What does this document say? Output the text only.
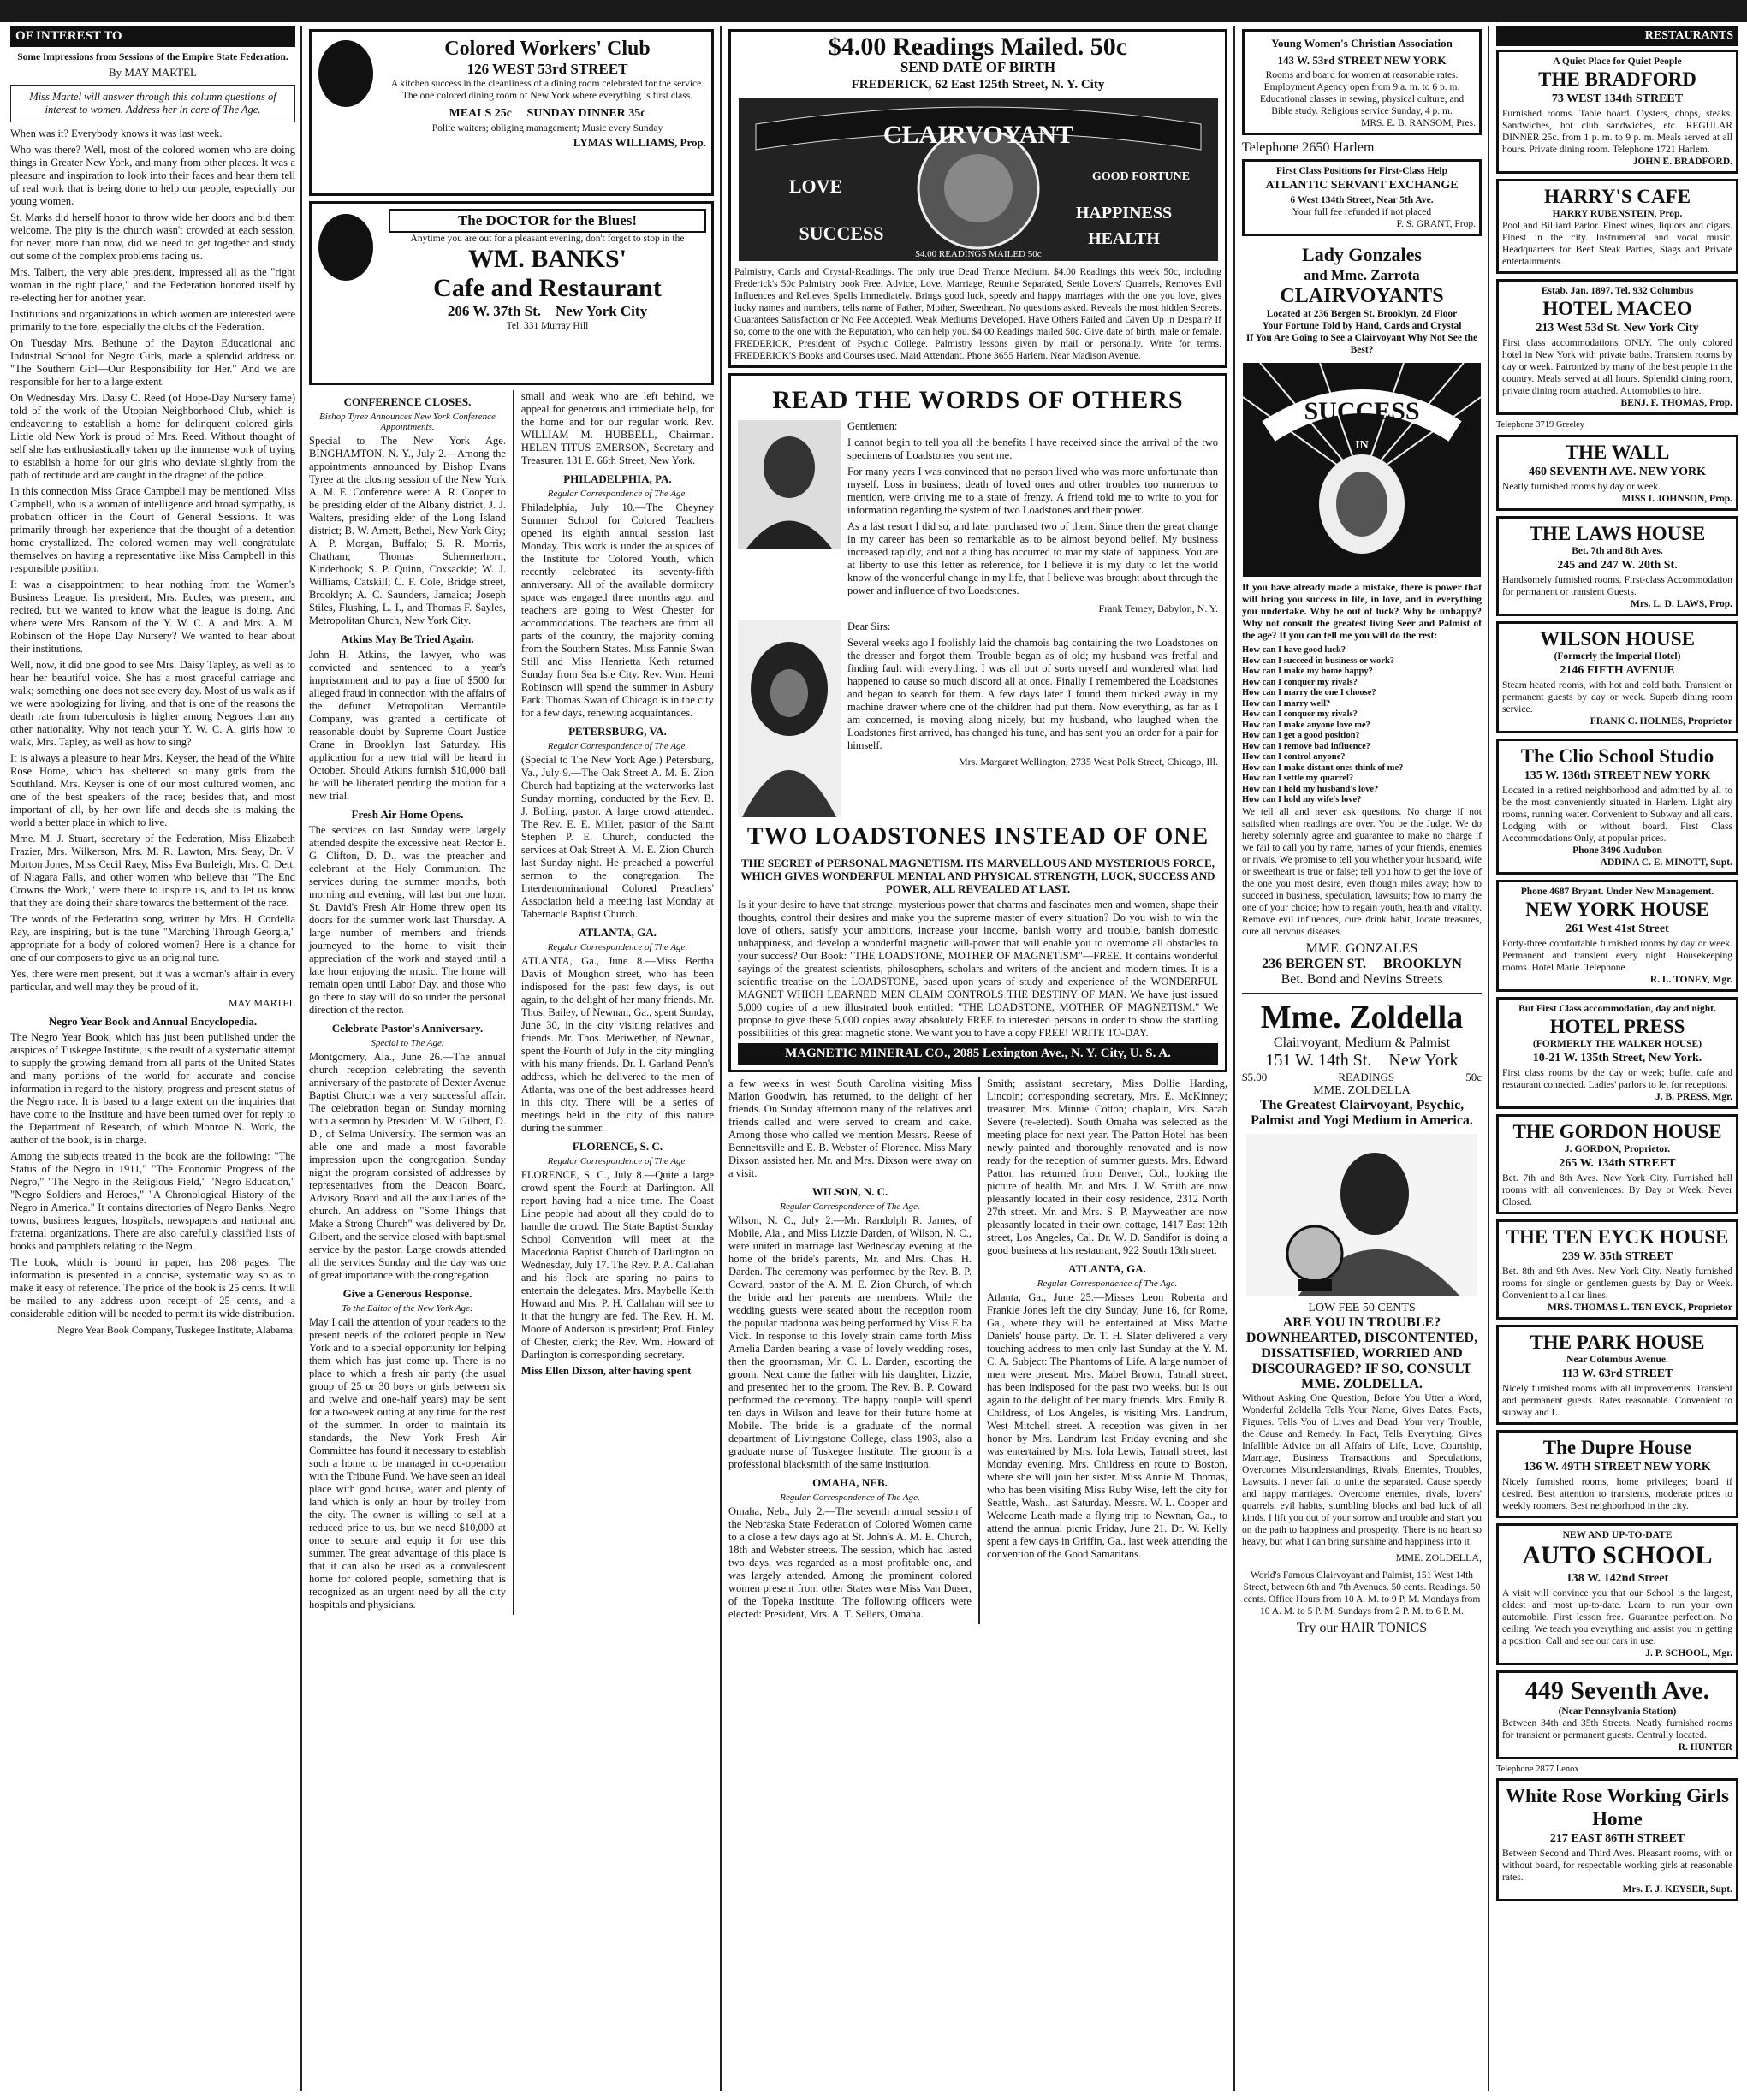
OF INTEREST TO
Some Impressions from Sessions of the Empire State Federation.
By MAY MARTEL
Miss Martel will answer through this column questions of interest to women. Address her in care of The Age.

When was it? Everybody knows it was last week.

Who was there? Well, most of the colored women who are doing things in Greater New York, and many from other places. It was a pleasure and inspiration to look into their faces and hear them tell of real work that is being done to help our people, especially our young women.

St. Marks did herself honor to throw wide her doors and bid them welcome. The pity is the church wasn't crowded at each session, for never, more than now, did we need to get together and study out some of the complex problems facing us.

Mrs. Talbert, the very able president, impressed all as the "right woman in the right place," and the Federation honored itself by re-electing her for another year.

Institutions and organizations in which women are interested were primarily to the fore, especially the clubs of the Federation.

On Tuesday Mrs. Bethune of the Dayton Educational and Industrial School for Negro Girls, made a splendid address on "The Southern Girl—Our Responsibility for Her." And we are responsible for her to a large extent.

On Wednesday Mrs. Daisy C. Reed (of Hope-Day Nursery fame) told of the work of the Utopian Neighborhood Club, which is endeavoring to establish a home for delinquent colored girls. Little old New York is proud of Mrs. Reed. Without thought of self she has enthusiastically taken up the immense work of trying to establish a home for our girls who deviate slightly from the path of rectitude and are caught in the dragnet of the police.

In this connection Miss Grace Campbell may be mentioned. Miss Campbell, who is a woman of intelligence and broad sympathy, is probation officer in the Court of General Sessions. It was primarily through her experience that the thought of a detention home crystallized. The colored women may well congratulate themselves on having a representative like Miss Campbell in this responsible position.

It was a disappointment to hear nothing from the Women's Business League. Its president, Mrs. Eccles, was present, and recited, but we wanted to know what the league is doing. And where were Mrs. Ransom of the Y. W. C. A. and Mrs. A. M. Robinson of the Hope Day Nursery? We wanted to hear about their institutions.

Well, now, it did one good to see Mrs. Daisy Tapley, as well as to hear her beautiful voice. She has a most graceful carriage and walk; something one does not see every day. Most of us walk as if we were apologizing for living, and that is one of the reasons the death rate from tuberculosis is higher among Negroes than any other nationality. Why not teach your Y. W. C. A. girls how to walk, Mrs. Tapley, as well as how to sing?

It is always a pleasure to hear Mrs. Keyser, the head of the White Rose Home, which has sheltered so many girls from the Southland. Mrs. Keyser is one of our most cultured women, and one of the best speakers of the race; besides that, and most important of all, by her own life and deeds she is making the world a better place in which to live.

Mme. M. J. Stuart, secretary of the Federation, Miss Elizabeth Frazier, Mrs. Wilkerson, Mrs. M. R. Lawton, Mrs. Seay, Dr. V. Morton Jones, Miss Cecil Raey, Miss Eva Burleigh, Mrs. C. Dett, of Niagara Falls, and other women who believe that "The End Crowns the Work," were there to inspire us, and to let us know that they are doing their share towards the betterment of the race.

The words of the Federation song, written by Mrs. H. Cordelia Ray, are inspiring, but is the tune "Marching Through Georgia," appropriate for a body of colored women? Here is a chance for one of our composers to give us an original tune.

Yes, there were men present, but it was a woman's affair in every particular, and well may they be proud of it.

MAY MARTEL
Negro Year Book and Annual Encyclopedia.

The Negro Year Book, which has just been published under the auspices of Tuskegee Institute, is the result of a systematic attempt to supply the growing demand from all parts of the United States and many portions of the world for accurate and concise information in regard to the history, progress and present status of the Negro race. It is based to a large extent on the inquiries that have come to the Institute and have been turned over for reply to the Department of Research, of which Monroe N. Work, the author of the book, is in charge.

Among the subjects treated in the book are the following: "The Status of the Negro in 1911," "The Economic Progress of the Negro," "The Negro in the Religious Field," "Negro Education," "Negro Soldiers and Heroes," "A Chronological History of the Negro in America." It contains directories of Negro Banks, Negro towns, business leagues, hospitals, newspapers and national and fraternal organizations. There are also carefully classified lists of books and pamphlets relating to the Negro.

The book, which is bound in paper, has 208 pages. The information is presented in a concise, systematic way so as to make it easy of reference. The price of the book is 25 cents. It will be mailed to any address upon receipt of 25 cents, and a considerable edition will be needed to permit its wide distribution.

Negro Year Book Company, Tuskegee Institute, Alabama.
Colored Workers' Club
126 WEST 53rd STREET
A kitchen success in the cleanliness of a dining room celebrated for the service. The one colored dining room of New York where everything is first class.
MEALS 25c SUNDAY DINNER 35c
Polite waiters; obliging management; Music every Sunday
LYMAS WILLIAMS, Prop.
The DOCTOR for the Blues!
Anytime you are out for a pleasant evening, don't forget to stop in the
WM. BANKS'
Cafe and Restaurant
206 W. 37th St. New York City
Tel. 331 Murray Hill
CONFERENCE CLOSES.
Bishop Tyree Announces New York Conference Appointments.

Special to The New York Age. BINGHAMTON, N. Y., July 2.—Among the appointments announced by Bishop Evans Tyree at the closing session of the New York A. M. E. Conference were: A. R. Cooper to be presiding elder of the Albany district, J. J. Walters, presiding elder of the Long Island district; B. W. Arnett, Bethel, New York City; A. P. Morgan, Buffalo; S. R. Morris, Chatham; Thomas Schermerhorn, Kinderhook; S. P. Quinn, Coxsackie; W. J. Williams, Catskill; C. F. Cole, Bridge street, Brooklyn; A. C. Saunders, Jamaica; Joseph Stiles, Flushing, L. I., and Thomas F. Sayles, Metropolitan Church, New York City.

Atkins May Be Tried Again.

John H. Atkins, the lawyer, who was convicted and sentenced to a year's imprisonment and to pay a fine of $500 for alleged fraud in connection with the affairs of the defunct Metropolitan Mercantile Company, was granted a certificate of reasonable doubt by Supreme Court Justice Crane in Brooklyn last Saturday. His application for a new trial will be heard in October. Should Atkins furnish $10,000 bail he will be liberated pending the motion for a new trial.

Fresh Air Home Opens.

The services on last Sunday were largely attended despite the excessive heat. Rector E. G. Clifton, D. D., was the preacher and celebrant at the Holy Communion. The services during the summer months, both morning and evening, will last but one hour. St. David's Fresh Air Home threw open its doors for the summer work last Thursday. A large number of members and friends journeyed to the home to visit their appreciation of the work and stayed until a late hour enjoying the music. The home will remain open until Labor Day, and those who go there to stay will do so under the personal direction of the rector.

Celebrate Pastor's Anniversary.
Special to The Age.

Montgomery, Ala., June 26.—The annual church reception celebrating the seventh anniversary of the pastorate of Dexter Avenue Baptist Church was a very successful affair. The celebration began on Sunday morning with a sermon by President M. W. Gilbert, D. D., of Selma University. The sermon was an able one and made a most favorable impression upon the congregation. Sunday night the program consisted of addresses by representatives from the Deacon Board, Advisory Board and all the auxiliaries of the church. An address on "Some Things that Make a Strong Church" was delivered by Dr. Gilbert, and the service closed with baptismal service by the pastor. Large crowds attended all the services Sunday and the day was one of great importance with the congregation.

Give a Generous Response.
To the Editor of the New York Age:

May I call the attention of your readers to the present needs of the colored people in New York and to a special opportunity for helping them which has just come up. There is no place to which a fresh air party (the usual group of 25 or 30 boys or girls between six and twelve and one-half years) may be sent for a two-week outing at any time for the rest of the summer. In order to maintain its standards, the New York Fresh Air Committee has found it necessary to establish such a home to be managed in co-operation with the Tribune Fund. We have seen an ideal place with good house, water and plenty of land which is only an hour by trolley from the city. The owner is willing to sell at a reduced price to us, but we need $10,000 at once to secure and equip it for use this summer. The great advantage of this place is that it can also be used as a convalescent home for colored people, something that is recognized as an urgent need by all the city hospitals and physicians.

small and weak who are left behind, we appeal for generous and immediate help, for the home and for our regular work. Rev. WILLIAM M. HUBBELL, Chairman. HELEN TITUS EMERSON, Secretary and Treasurer. 131 E. 66th Street, New York.

PHILADELPHIA, PA.
Regular Correspondence of The Age.

Philadelphia, July 10.—The Cheyney Summer School for Colored Teachers opened its eighth annual session last Monday. This work is under the auspices of the Institute for Colored Youth, which recently celebrated its seventy-fifth anniversary. All of the available dormitory space was engaged three months ago, and teachers are going to West Chester for accommodations. The teachers are from all parts of the country, the majority coming from the Southern States. Miss Fannie Swan Still and Miss Henrietta Keth returned Sunday from Sea Isle City. Rev. Wm. Henri Robinson will spend the summer in Asbury Park. Thomas Swan of Chicago is in the city for a few days, renewing acquaintances.

PETERSBURG, VA.
Regular Correspondence of The Age.

(Special to The New York Age.) Petersburg, Va., July 9.—The Oak Street A. M. E. Zion Church had baptizing at the waterworks last Sunday morning, conducted by the Rev. B. J. Bolling, pastor. A large crowd attended. The Rev. E. E. Miller, pastor of the Saint Stephen P. E. Church, conducted the services at Oak Street A. M. E. Zion Church last Sunday night. He preached a powerful sermon to the congregation. The Interdenominational Colored Preachers' Association held a meeting last Monday at Tabernacle Baptist Church.

ATLANTA, GA.
Regular Correspondence of The Age.

ATLANTA, Ga., June 8.—Miss Bertha Davis of Moughon street, who has been indisposed for the past few days, is out again, to the delight of her many friends. Mr. Thos. Bailey, of Newnan, Ga., spent Sunday, June 30, in the city visiting relatives and friends. Mr. Thos. Meriwether, of Newnan, spent the Fourth of July in the city mingling with his many friends. Dr. I. Garland Penn's address, which he delivered to the men of Atlanta, was one of the best addresses heard in this city. There will be a series of meetings held in the city of this nature during the summer.

FLORENCE, S. C.
Regular Correspondence of The Age.

FLORENCE, S. C., July 8.—Quite a large crowd spent the Fourth at Darlington. All report having had a nice time. The Coast Line people had about all they could do to handle the crowd. The State Baptist Sunday School Convention will meet at the Macedonia Baptist Church of Darlington on Wednesday, July 17. The Rev. P. A. Callahan and his flock are sparing no pains to entertain the delegates. Mrs. Maybelle Keith Howard and Mrs. P. H. Callahan will see to it that the hungry are fed. The Rev. H. M. Moore of Anderson is president; Prof. Finley of Chester, clerk; the Rev. Wm. Howard of Darlington is corresponding secretary.

Miss Ellen Dixson, after having spent

$4.00 Readings Mailed. 50c
SEND DATE OF BIRTH
FREDERICK, 62 East 125th Street, N. Y. City
CLAIRVOYANT
LOVE	GOOD FORTUNE
SUCCESS
HAPPINESS
HEALTH
$4.00 READINGS MAILED 50c
Palmistry, Cards and Crystal-Readings. The only true Dead Trance Medium. $4.00 Readings this week 50c, including Frederick's 50c Palmistry book Free. Advice, Love, Marriage, Reunite Separated, Settle Lovers' Quarrels, Removes Evil Influences and Relieves Spells Immediately. Brings good luck, speedy and happy marriages with the one you love, gives lucky names and numbers, tells name of Father, Mother, Sweetheart. No questions asked. Reveals the most hidden Secrets. Guarantees Satisfaction or No Fee Accepted. Weak Mediums Developed. Have Others Failed and Given Up in Despair? If so, come to the one with the Reputation, who can help you. $4.00 Readings mailed 50c. Give date of birth, male or female. FREDERICK, President of Psychic College. Palmistry lessons given by mail or personally. Write for terms. FREDERICK'S Books and Courses used. Maid Attendant. Phone 3655 Harlem. Near Madison Avenue.
READ THE WORDS OF OTHERS

Gentlemen:

I cannot begin to tell you all the benefits I have received since the arrival of the two specimens of Loadstones you sent me.

For many years I was convinced that no person lived who was more unfortunate than myself. Loss in business; death of loved ones and other troubles too numerous to mention, were driving me to a state of frenzy. A friend told me to write to you for information regarding the system of two Loadstones and their power.

As a last resort I did so, and later purchased two of them. Since then the great change in my career has been so remarkable as to be almost beyond belief. My business increased rapidly, and not a thing has occurred to mar my state of happiness. You are at liberty to use this letter as reference, for I believe it is my duty to let the world know of the wonderful change in my life, that I believe was brought about through the power and influence of two Loadstones.

Frank Temey, Babylon, N. Y.

Dear Sirs:

Several weeks ago I foolishly laid the chamois bag containing the two Loadstones on the dresser and forgot them. Trouble began as of old; my husband was fretful and finding fault with everything. I was all out of sorts myself and wondered what had happened to cause so much discord all at once. Finally I remembered the Loadstones and began to search for them. A few days later I found them tucked away in my machine drawer where one of the children had put them. Now everything, as far as I am concerned, is moving along nicely, but my husband, who laughed when the Loadstones first arrived, has changed his tune, and has sent you an order for a pair for himself.

Mrs. Margaret Wellington, 2735 West Polk Street, Chicago, Ill.
TWO LOADSTONES INSTEAD OF ONE

THE SECRET of PERSONAL MAGNETISM. ITS MARVELLOUS AND MYSTERIOUS FORCE, WHICH GIVES WONDERFUL MENTAL AND PHYSICAL STRENGTH, LUCK, SUCCESS AND POWER, ALL REVEALED AT LAST.

Is it your desire to have that strange, mysterious power that charms and fascinates men and women, shape their thoughts, control their desires and make you the supreme master of every situation? Do you wish to win the love of others, satisfy your ambitions, increase your income, banish worry and trouble, banish domestic unhappiness, and develop a wonderful magnetic will-power that will enable you to overcome all obstacles to your success? Our Book: "THE LOADSTONE, MOTHER OF MAGNETISM"—FREE. It contains wonderful sayings of the greatest scientists, philosophers, scholars and writers of the ancient and modern times. It is a scientific treatise on the LOADSTONE, based upon years of study and experience of the WONDERFUL MAGNET WHICH LEARNED MEN CLAIM CONTROLS THE DESTINY OF MAN. We have just issued 5,000 copies of a new illustrated book entitled: "THE LOADSTONE, MOTHER OF MAGNETISM." We propose to give these 5,000 copies away absolutely FREE to interested persons in order to show the startling possibilities of this great magnetic stone. We want you to have a copy FREE! WRITE TO-DAY.

MAGNETIC MINERAL CO., 2085 Lexington Ave., N. Y. City, U. S. A.

a few weeks in west South Carolina visiting Miss Marion Goodwin, has returned, to the delight of her friends. On Sunday afternoon many of the relatives and friends called and were served to cream and cake. Among those who called we mention Messrs. Reese of Bennettsville and E. B. Webster of Florence. Miss Mary Dixson assisted her. Mr. and Mrs. Dixson were away on a visit.

WILSON, N. C.
Regular Correspondence of The Age.

Wilson, N. C., July 2.—Mr. Randolph R. James, of Mobile, Ala., and Miss Lizzie Darden, of Wilson, N. C., were united in marriage last Wednesday evening at the home of the bride's parents, Mr. and Mrs. Chas. H. Darden. The ceremony was performed by the Rev. B. P. Coward, pastor of the A. M. E. Zion Church, of which the bride and her parents are members. While the wedding guests were seated about the reception room the popular madonna was being performed by Miss Elba Vick. In response to this lovely strain came forth Miss Amelia Darden bearing a vase of lovely wedding roses, then the groomsman, Mr. C. L. Darden, escorting the groom. Next came the father with his daughter, Lizzie, and presented her to the groom. The Rev. B. P. Coward performed the ceremony. The happy couple will spend ten days in Wilson and leave for their future home at Mobile. The bride is a graduate of the normal department of Livingstone College, class 1903, also a graduate nurse of Tuskegee Institute. The groom is a professional blacksmith of the same institution.

OMAHA, NEB.
Regular Correspondence of The Age.

Omaha, Neb., July 2.—The seventh annual session of the Nebraska State Federation of Colored Women came to a close a few days ago at St. John's A. M. E. Church, 18th and Webster streets. The session, which had lasted two days, was regarded as a most profitable one, and was largely attended. Among the prominent colored women present from other States were Miss Van Duser, of the Topeka institute. The following officers were elected: President, Mrs. A. T. Sellers, Omaha.

Smith; assistant secretary, Miss Dollie Harding, Lincoln; corresponding secretary, Mrs. E. McKinney; treasurer, Mrs. Minnie Cotton; chaplain, Mrs. Sarah Severe (re-elected). South Omaha was selected as the meeting place for next year. The Patton Hotel has been newly painted and thoroughly renovated and is now ready for the reception of summer guests. Mrs. Edward Patton has returned from Denver, Col., looking the picture of health. Mr. and Mrs. J. W. Smith are now pleasantly located in their cosy residence, 2312 North 27th street. Mr. and Mrs. S. P. Mayweather are now pleasantly located in their own cottage, 1417 East 12th street, Los Angeles, Cal. Dr. W. D. Sandifor is doing a good business at his restaurant, 922 South 13th street.

ATLANTA, GA.
Regular Correspondence of The Age.

Atlanta, Ga., June 25.—Misses Leon Roberta and Frankie Jones left the city Sunday, June 16, for Rome, Ga., where they will be entertained at Miss Mattie Daniels' house party. Dr. T. H. Slater delivered a very touching address to men only last Sunday at the Y. M. C. A. Subject: The Phantoms of Life. A large number of men were present. Mrs. Mabel Brown, Tatnall street, has been indisposed for the past two weeks, but is out again to the delight of her many friends. Mrs. Emily B. Childress, of Los Angeles, is visiting Mrs. Landrum, West Mitchell street. A reception was given in her honor by Mrs. Landrum last Friday evening and she was entertained by Mrs. Iola Lewis, Tatnall street, last Monday evening. Mrs. Childress en route to Boston, where she will join her sister. Miss Annie M. Thomas, who has been visiting Miss Ruby Wise, left the city for Seattle, Wash., last Saturday. Messrs. W. L. Cooper and Welcome Leath made a flying trip to Newnan, Ga., to attend the annual picnic Friday, June 21. Dr. W. Kelly spent a few days in Griffin, Ga., last week attending the convention of the Good Samaritans.

Young Women's Christian Association
143 W. 53rd STREET NEW YORK
Rooms and board for women at reasonable rates. Employment Agency open from 9 a. m. to 6 p. m. Educational classes in sewing, physical culture, and Bible study. Religious service Sunday, 4 p. m.
MRS. E. B. RANSOM, Pres.
Telephone 2650 Harlem
First Class Positions for First-Class Help
ATLANTIC SERVANT EXCHANGE
6 West 134th Street, Near 5th Ave.
Your full fee refunded if not placed
F. S. GRANT, Prop.
Lady Gonzales
and Mme. Zarrota
CLAIRVOYANTS
Located at 236 Bergen St. Brooklyn, 2d Floor
Your Fortune Told by Hand, Cards and Crystal
If You Are Going to See a Clairvoyant Why Not See the Best?
SUCCESS
IN

If you have already made a mistake, there is power that will bring you success in life, in love, and in everything you undertake. Why be out of luck? Why be unhappy? Why not consult the greatest living Seer and Palmist of the age? If you can tell me you will do the rest:

How can I have good luck?

How can I succeed in business or work?

How can I make my home happy?

How can I conquer my rivals?

How can I marry the one I choose?

How can I marry well?

How can I conquer my rivals?

How can I make anyone love me?

How can I get a good position?

How can I remove bad influence?

How can I control anyone?

How can I make distant ones think of me?

How can I settle my quarrel?

How can I hold my husband's love?

How can I hold my wife's love?

We tell all and never ask questions. No charge if not satisfied when readings are over. You be the Judge. We do hereby solemnly agree and guarantee to make no charge if we fail to call you by name, names of your friends, enemies or rivals. We promise to tell you whether your husband, wife or sweetheart is true or false; tell you how to get the love of the one you most desire, even though miles away; how to succeed in business, speculation, lawsuits; how to marry the one of your choice; how to regain youth, health and vitality. Remove evil influences, cure drink habit, locate treasures, cure all nervous diseases.

MME. GONZALES
236 BERGEN ST. BROOKLYN
Bet. Bond and Nevins Streets
Mme. Zoldella
Clairvoyant, Medium & Palmist
151 W. 14th St. New York
$5.00	READINGS	50c
MME. ZOLDELLA
The Greatest Clairvoyant, Psychic, Palmist and Yogi Medium in America.
LOW FEE 50 CENTS
ARE YOU IN TROUBLE? DOWNHEARTED, DISCONTENTED, DISSATISFIED, WORRIED AND DISCOURAGED? IF SO, CONSULT MME. ZOLDELLA.

Without Asking One Question, Before You Utter a Word, Wonderful Zoldella Tells Your Name, Gives Dates, Facts, Figures. Tells You of Lives and Dead. Your very Trouble, the Cause and Remedy. In Fact, Tells Everything. Gives Infallible Advice on all Affairs of Life, Love, Courtship, Marriage, Business Transactions and Speculations, Overcomes Misunderstandings, Rivals, Enemies, Troubles, Lawsuits. I never fail to unite the separated. Cause speedy and happy marriages. Overcome enemies, rivals, lovers' quarrels, evil habits, stumbling blocks and bad luck of all kinds. I lift you out of your sorrow and trouble and start you on the path to happiness and prosperity. There is no heart so heavy, but what I can bring sunshine and happiness into it.

MME. ZOLDELLA,

World's Famous Clairvoyant and Palmist, 151 West 14th Street, between 6th and 7th Avenues. 50 cents. Readings. 50 cents. Office Hours from 10 A. M. to 9 P. M. Mondays from 10 A. M. to 5 P. M. Sundays from 2 P. M. to 6 P. M.

Try our HAIR TONICS
RESTAURANTS
A Quiet Place for Quiet People
THE BRADFORD
73 WEST 134th STREET
Furnished rooms. Table board. Oysters, chops, steaks. Sandwiches, hot club sandwiches, etc. REGULAR DINNER 25c. from 1 p. m. to 9 p. m. Meals served at all hours. Private dining room. Telephone 1721 Harlem.
JOHN E. BRADFORD.
HARRY'S CAFE
HARRY RUBENSTEIN, Prop.
Pool and Billiard Parlor. Finest wines, liquors and cigars. Finest in the city. Instrumental and vocal music. Headquarters for Beef Steak Parties, Stags and Private entertainments.
Estab. Jan. 1897. Tel. 932 Columbus
HOTEL MACEO
213 West 53d St. New York City
First class accommodations ONLY. The only colored hotel in New York with private baths. Transient rooms by day or week. Patronized by many of the best people in the country. Meals served at all hours. Splendid dining room, private dining room attached. Automobiles to hire.
BENJ. F. THOMAS, Prop.
Telephone 3719 Greeley
THE WALL
460 SEVENTH AVE. NEW YORK
Neatly furnished rooms by day or week.
MISS I. JOHNSON, Prop.
THE LAWS HOUSE
Bet. 7th and 8th Aves.
245 and 247 W. 20th St.
Handsomely furnished rooms. First-class Accommodation for permanent or transient Guests.
Mrs. L. D. LAWS, Prop.
WILSON HOUSE
(Formerly the Imperial Hotel)
2146 FIFTH AVENUE
Steam heated rooms, with hot and cold bath. Transient or permanent guests by day or week. Superb dining room service.
FRANK C. HOLMES, Proprietor
The Clio School Studio
135 W. 136th STREET NEW YORK
Located in a retired neighborhood and admitted by all to be the most conveniently situated in Harlem. Light airy rooms, running water. Convenient to Subway and all cars. Lodging with or without board. First Class Accommodations Only, at popular prices.
Phone 3496 Audubon
ADDINA C. E. MINOTT, Supt.
Phone 4687 Bryant. Under New Management.
NEW YORK HOUSE
261 West 41st Street
Forty-three comfortable furnished rooms by day or week. Permanent and transient every night. Housekeeping rooms. Hotel Marie. Telephone.
R. L. TONEY, Mgr.
But First Class accommodation, day and night.
HOTEL PRESS
(FORMERLY THE WALKER HOUSE)
10-21 W. 135th Street, New York.
First class rooms by the day or week; buffet cafe and restaurant connected. Ladies' parlors to let for receptions.
J. B. PRESS, Mgr.
THE GORDON HOUSE
J. GORDON, Proprietor.
265 W. 134th STREET
Bet. 7th and 8th Aves. New York City. Furnished hall rooms with all conveniences. By Day or Week. Never Closed.
THE TEN EYCK HOUSE
239 W. 35th STREET
Bet. 8th and 9th Aves. New York City. Neatly furnished rooms for single or gentlemen guests by Day or Week. Convenient to all car lines.
MRS. THOMAS L. TEN EYCK, Proprietor
THE PARK HOUSE
Near Columbus Avenue.
113 W. 63rd STREET
Nicely furnished rooms with all improvements. Transient and permanent guests. Rates reasonable. Convenient to subway and L.
The Dupre House
136 W. 49TH STREET NEW YORK
Nicely furnished rooms, home privileges; board if desired. Best attention to transients, moderate prices to weekly roomers. Best neighborhood in the city.
NEW AND UP-TO-DATE
AUTO SCHOOL
138 W. 142nd Street
A visit will convince you that our School is the largest, oldest and most up-to-date. Learn to run your own automobile. First lesson free. Guarantee perfection. No ceiling. We teach you everything and assist you in getting a position. Call and see our cars in use.
J. P. SCHOOL, Mgr.
449 Seventh Ave.
(Near Pennsylvania Station)
Between 34th and 35th Streets. Neatly furnished rooms for transient or permanent guests. Centrally located.
R. HUNTER
Telephone 2877 Lenox
White Rose Working Girls Home
217 EAST 86TH STREET
Between Second and Third Aves. Pleasant rooms, with or without board, for respectable working girls at reasonable rates.
Mrs. F. J. KEYSER, Supt.
